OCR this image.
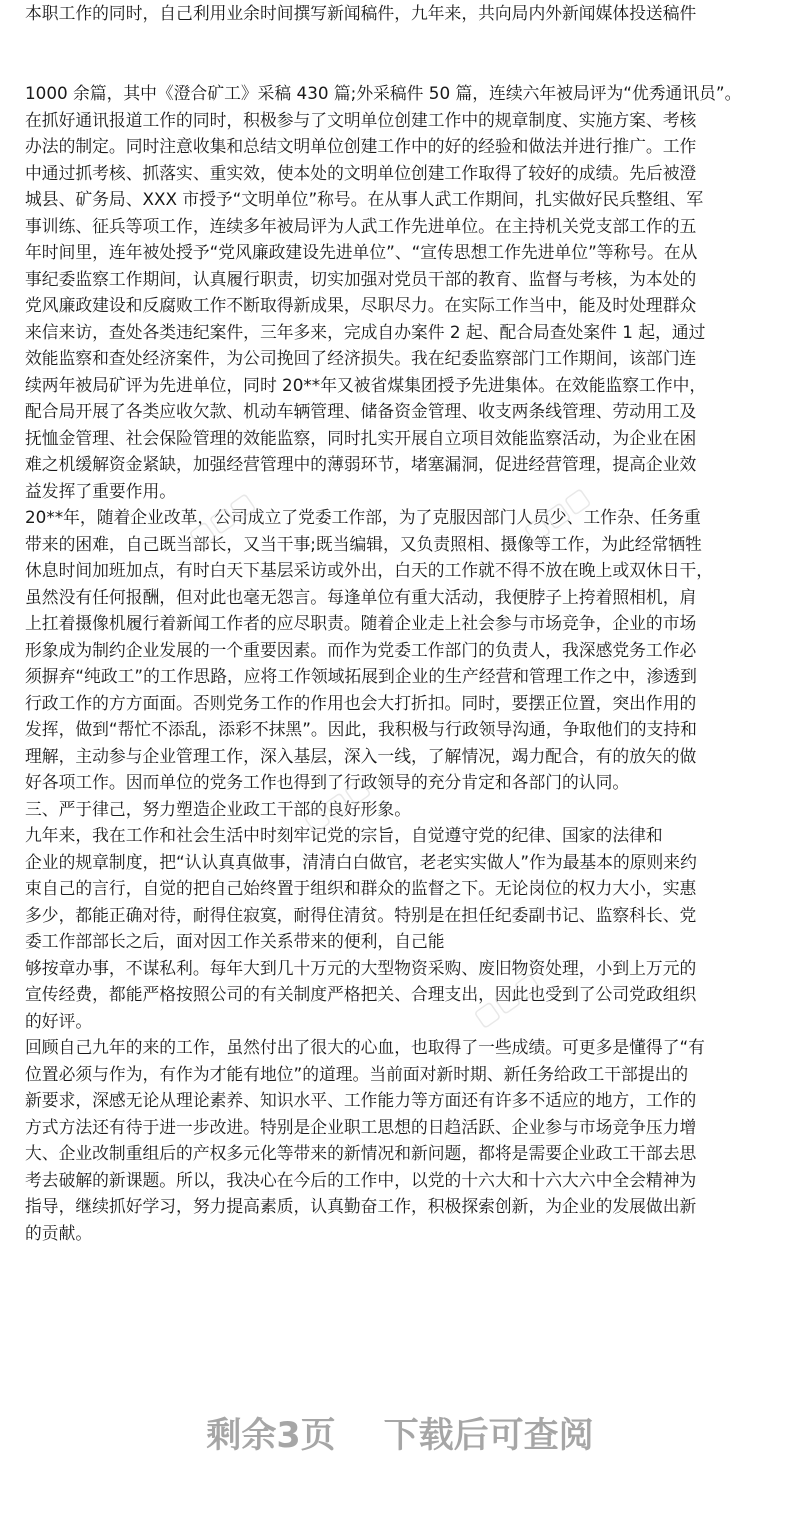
本职工作的同时，自己利用业余时间撰写新闻稿件，九年来，共向局内外新闻媒体投送稿件

1000 余篇，其中《澄合矿工》采稿 430 篇;外采稿件 50 篇，连续六年被局评为“优秀通讯员”。
在抓好通讯报道工作的同时，积极参与了文明单位创建工作中的规章制度、实施方案、考核
办法的制定。同时注意收集和总结文明单位创建工作中的好的经验和做法并进行推广。工作
中通过抓考核、抓落实、重实效，使本处的文明单位创建工作取得了较好的成绩。先后被澄
城县、矿务局、XXX 市授予“文明单位”称号。在从事人武工作期间，扎实做好民兵整组、军
事训练、征兵等项工作，连续多年被局评为人武工作先进单位。在主持机关党支部工作的五
年时间里，连年被处授予“党风廉政建设先进单位”、“宣传思想工作先进单位”等称号。在从
事纪委监察工作期间，认真履行职责，切实加强对党员干部的教育、监督与考核，为本处的
党风廉政建设和反腐败工作不断取得新成果，尽职尽力。在实际工作当中，能及时处理群众
来信来访，查处各类违纪案件，三年多来，完成自办案件 2 起、配合局查处案件 1 起，通过
效能监察和查处经济案件，为公司挽回了经济损失。我在纪委监察部门工作期间，该部门连
续两年被局矿评为先进单位，同时 20**年又被省煤集团授予先进集体。在效能监察工作中，
配合局开展了各类应收欠款、机动车辆管理、储备资金管理、收支两条线管理、劳动用工及
抚恤金管理、社会保险管理的效能监察，同时扎实开展自立项目效能监察活动，为企业在困
难之机缓解资金紧缺，加强经营管理中的薄弱环节，堵塞漏洞，促进经营管理，提高企业效
益发挥了重要作用。
20**年，随着企业改革，公司成立了党委工作部，为了克服因部门人员少、工作杂、任务重
带来的困难，自己既当部长，又当干事;既当编辑，又负责照相、摄像等工作，为此经常牺牲
休息时间加班加点，有时白天下基层采访或外出，白天的工作就不得不放在晚上或双休日干，
虽然没有任何报酬，但对此也毫无怨言。每逢单位有重大活动，我便脖子上挎着照相机，肩
上扛着摄像机履行着新闻工作者的应尽职责。随着企业走上社会参与市场竞争，企业的市场
形象成为制约企业发展的一个重要因素。而作为党委工作部门的负责人，我深感党务工作必
须摒弃“纯政工”的工作思路，应将工作领域拓展到企业的生产经营和管理工作之中，渗透到
行政工作的方方面面。否则党务工作的作用也会大打折扣。同时，要摆正位置，突出作用的
发挥，做到“帮忙不添乱，添彩不抹黑”。因此，我积极与行政领导沟通，争取他们的支持和
理解，主动参与企业管理工作，深入基层，深入一线，了解情况，竭力配合，有的放矢的做
好各项工作。因而单位的党务工作也得到了行政领导的充分肯定和各部门的认同。
三、严于律己，努力塑造企业政工干部的良好形象。
九年来，我在工作和社会生活中时刻牢记党的宗旨，自觉遵守党的纪律、国家的法律和
企业的规章制度，把“认认真真做事，清清白白做官，老老实实做人”作为最基本的原则来约
束自己的言行，自觉的把自己始终置于组织和群众的监督之下。无论岗位的权力大小，实惠
多少，都能正确对待，耐得住寂寞，耐得住清贫。特别是在担任纪委副书记、监察科长、党
委工作部部长之后，面对因工作关系带来的便利，自己能
够按章办事，不谋私利。每年大到几十万元的大型物资采购、废旧物资处理，小到上万元的
宣传经费，都能严格按照公司的有关制度严格把关、合理支出，因此也受到了公司党政组织
的好评。
回顾自己九年的来的工作，虽然付出了很大的心血，也取得了一些成绩。可更多是懂得了“有
位置必须与作为，有作为才能有地位”的道理。当前面对新时期、新任务给政工干部提出的
新要求，深感无论从理论素养、知识水平、工作能力等方面还有许多不适应的地方，工作的
方式方法还有待于进一步改进。特别是企业职工思想的日趋活跃、企业参与市场竞争压力增
大、企业改制重组后的产权多元化等带来的新情况和新问题，都将是需要企业政工干部去思
考去破解的新课题。所以，我决心在今后的工作中，以党的十六大和十六大六中全会精神为
指导，继续抓好学习，努力提高素质，认真勤奋工作，积极探索创新，为企业的发展做出新
的贡献。

▢▢▢	▢▢▢
▢▢▢
▢▢▢
剩余3页 下载后可查阅
